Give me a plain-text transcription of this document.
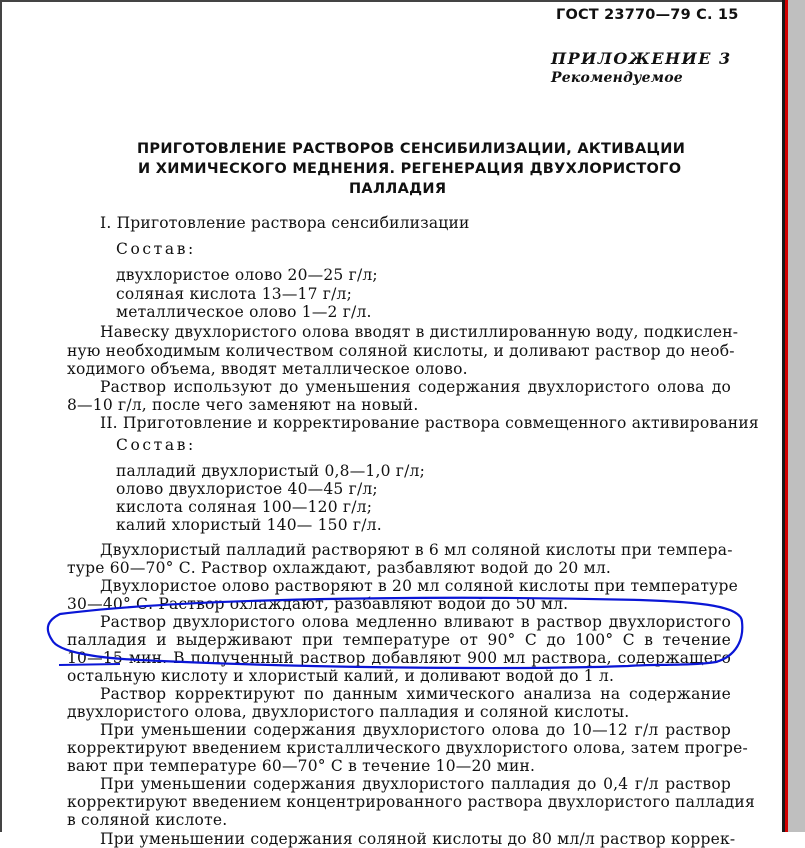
ГОСТ 23770—79 С. 15
ПРИЛОЖЕНИЕ 3
Рекомендуемое
ПРИГОТОВЛЕНИЕ РАСТВОРОВ СЕНСИБИЛИЗАЦИИ, АКТИВАЦИИ
И ХИМИЧЕСКОГО МЕДНЕНИЯ. РЕГЕНЕРАЦИЯ ДВУХЛОРИСТОГО
ПАЛЛАДИЯ
I. Приготовление раствора сенсибилизации
Состав:
двухлористое олово 20—25 г/л;
соляная кислота 13—17 г/л;
металлическое олово 1—2 г/л.
Навеску двухлористого олова вводят в дистиллированную воду, подкислен-
ную необходимым количеством соляной кислоты, и доливают раствор до необ-
ходимого объема, вводят металлическое олово.
Раствор используют до уменьшения содержания двухлористого олова до
8—10 г/л, после чего заменяют на новый.
II. Приготовление и корректирование раствора совмещенного активирования
Состав:
палладий двухлористый 0,8—1,0 г/л;
олово двухлористое 40—45 г/л;
кислота соляная 100—120 г/л;
калий хлористый 140— 150 г/л.
Двухлористый палладий растворяют в 6 мл соляной кислоты при темпера-
туре 60—70° С. Раствор охлаждают, разбавляют водой до 20 мл.
Двухлористое олово растворяют в 20 мл соляной кислоты при температуре
30—40° С. Раствор охлаждают, разбавляют водой до 50 мл.
Раствор двухлористого олова медленно вливают в раствор двухлористого
палладия и выдерживают при температуре от 90° С до 100° С в течение
10—15 мин. В полученный раствор добавляют 900 мл раствора, содержащего
остальную кислоту и хлористый калий, и доливают водой до 1 л.
Раствор корректируют по данным химического анализа на содержание
двухлористого олова, двухлористого палладия и соляной кислоты.
При уменьшении содержания двухлористого олова до 10—12 г/л раствор
корректируют введением кристаллического двухлористого олова, затем прогре-
вают при температуре 60—70° С в течение 10—20 мин.
При уменьшении содержания двухлористого палладия до 0,4 г/л раствор
корректируют введением концентрированного раствора двухлористого палладия
в соляной кислоте.
При уменьшении содержания соляной кислоты до 80 мл/л раствор коррек-
